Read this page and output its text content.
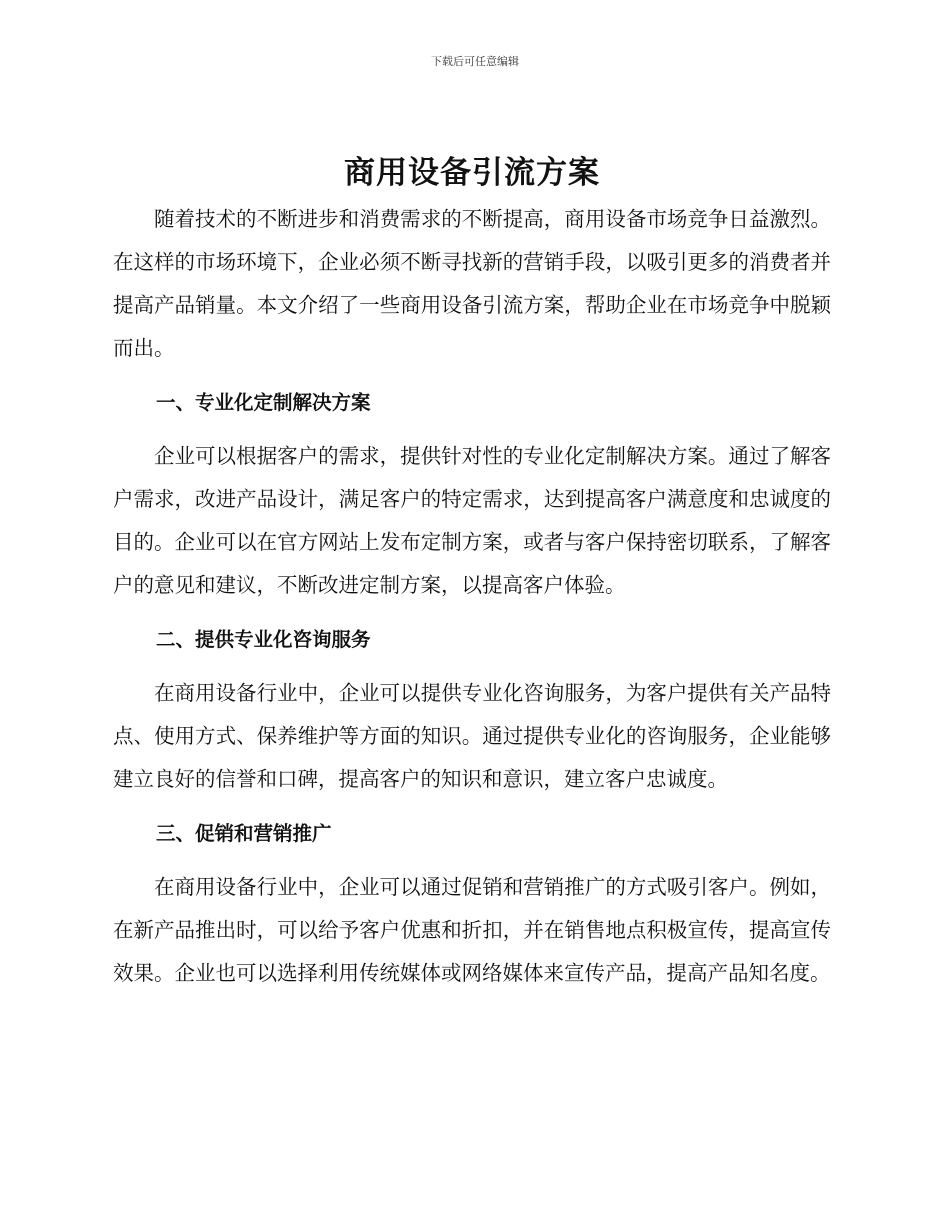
下载后可任意编辑
商用设备引流方案

随着技术的不断进步和消费需求的不断提高，商用设备市场竞争日益激烈。在这样的市场环境下，企业必须不断寻找新的营销手段，以吸引更多的消费者并提高产品销量。本文介绍了一些商用设备引流方案，帮助企业在市场竞争中脱颖而出。

一、专业化定制解决方案

企业可以根据客户的需求，提供针对性的专业化定制解决方案。通过了解客户需求，改进产品设计，满足客户的特定需求，达到提高客户满意度和忠诚度的目的。企业可以在官方网站上发布定制方案，或者与客户保持密切联系，了解客户的意见和建议，不断改进定制方案，以提高客户体验。

二、提供专业化咨询服务

在商用设备行业中，企业可以提供专业化咨询服务，为客户提供有关产品特点、使用方式、保养维护等方面的知识。通过提供专业化的咨询服务，企业能够建立良好的信誉和口碑，提高客户的知识和意识，建立客户忠诚度。

三、促销和营销推广

在商用设备行业中，企业可以通过促销和营销推广的方式吸引客户。例如，在新产品推出时，可以给予客户优惠和折扣，并在销售地点积极宣传，提高宣传效果。企业也可以选择利用传统媒体或网络媒体来宣传产品，提高产品知名度。
